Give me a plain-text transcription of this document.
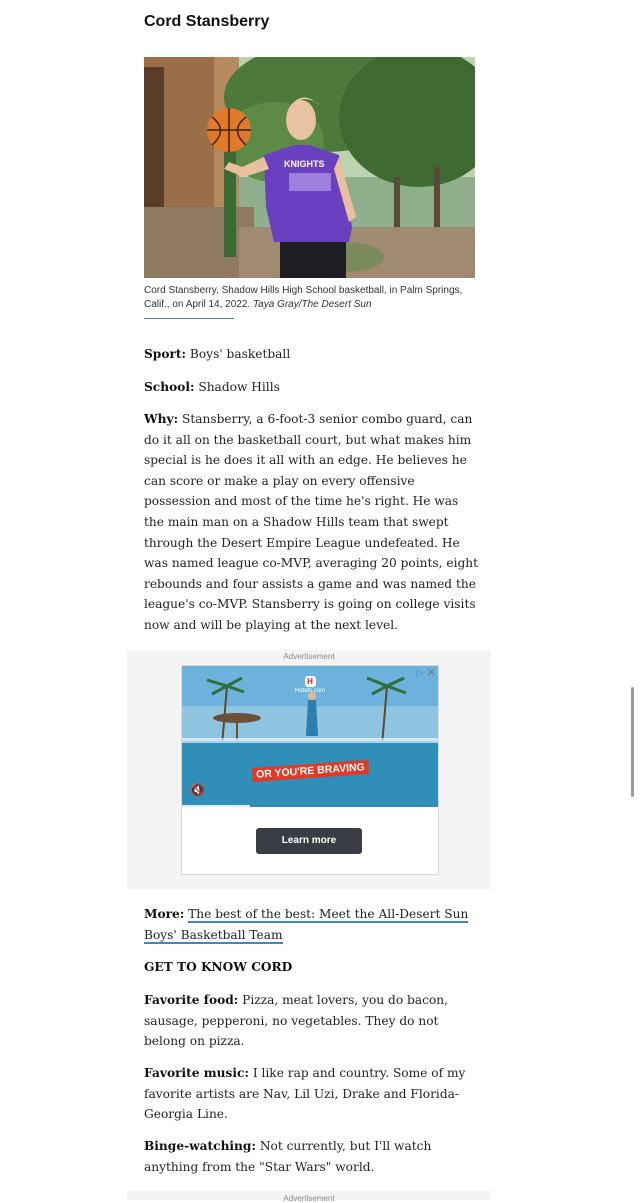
Cord Stansberry
KNIGHTS
Cord Stansberry, Shadow Hills High School basketball, in Palm Springs, Calif., on April 14, 2022. Taya Gray/The Desert Sun
Sport: Boys' basketball
School: Shadow Hills
Why: Stansberry, a 6-foot-3 senior combo guard, can do it all on the basketball court, but what makes him special is he does it all with an edge. He believes he can score or make a play on every offensive possession and most of the time he's right. He was the main man on a Shadow Hills team that swept through the Desert Empire League undefeated. He was named league co-MVP, averaging 20 points, eight rebounds and four assists a game and was named the league's co-MVP. Stansberry is going on college visits now and will be playing at the next level.
Advertisement
H
Hotels.com
OR YOU'RE BRAVING
🔇
▷ ✕
Learn more
More: The best of the best: Meet the All-Desert Sun Boys' Basketball Team
GET TO KNOW CORD
Favorite food: Pizza, meat lovers, you do bacon, sausage, pepperoni, no vegetables. They do not belong on pizza.
Favorite music: I like rap and country. Some of my favorite artists are Nav, Lil Uzi, Drake and Florida-Georgia Line.
Binge-watching: Not currently, but I'll watch anything from the "Star Wars" world.
Advertisement
